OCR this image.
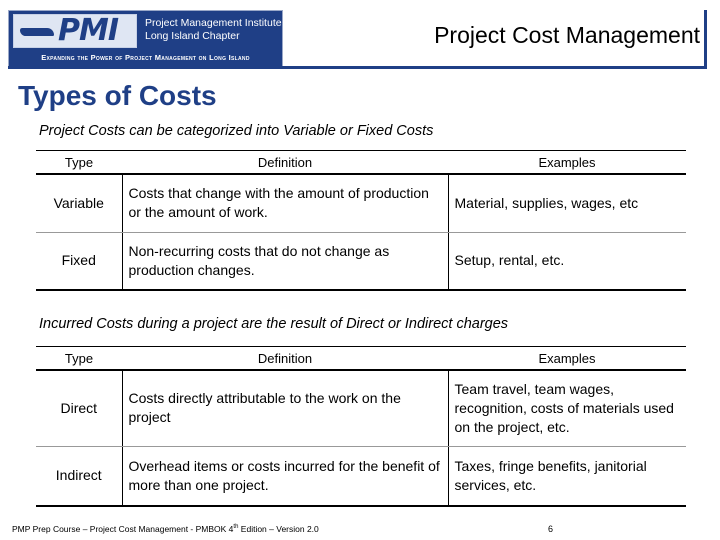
PMI	Project Management Institute
Long Island Chapter
Expanding the Power of Project Management on Long Island
Project Cost Management
Types of Costs
Project Costs can be categorized into Variable or Fixed Costs
Type	Definition	Examples
Variable	Costs that change with the amount of production or the amount of work.	Material, supplies, wages, etc
Fixed	Non-recurring costs that do not change as production changes.	Setup, rental, etc.
Incurred Costs during a project are the result of Direct or Indirect charges
Type	Definition	Examples
Direct	Costs directly attributable to the work on the project	Team travel, team wages, recognition, costs of materials used on the project, etc.
Indirect	Overhead items or costs incurred for the benefit of more than one project.	Taxes, fringe benefits, janitorial services, etc.
PMP Prep Course – Project Cost Management - PMBOK 4th Edition – Version 2.0	6
